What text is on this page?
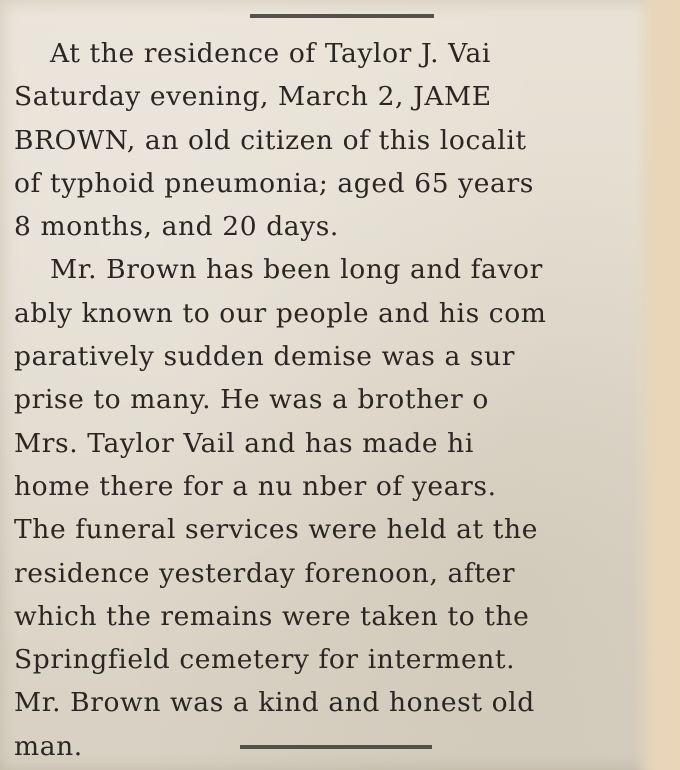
At the residence of Taylor J. Vai
Saturday evening, March 2, JAME
BROWN, an old citizen of this localit
of typhoid pneumonia; aged 65 years
8 months, and 20 days.
Mr. Brown has been long and favor
ably known to our people and his com
paratively sudden demise was a sur
prise to many. He was a brother o
Mrs. Taylor Vail and has made hi
home there for a nu nber of years.
The funeral services were held at the
residence yesterday forenoon, after
which the remains were taken to the
Springfield cemetery for interment.
Mr. Brown was a kind and honest old
man.
